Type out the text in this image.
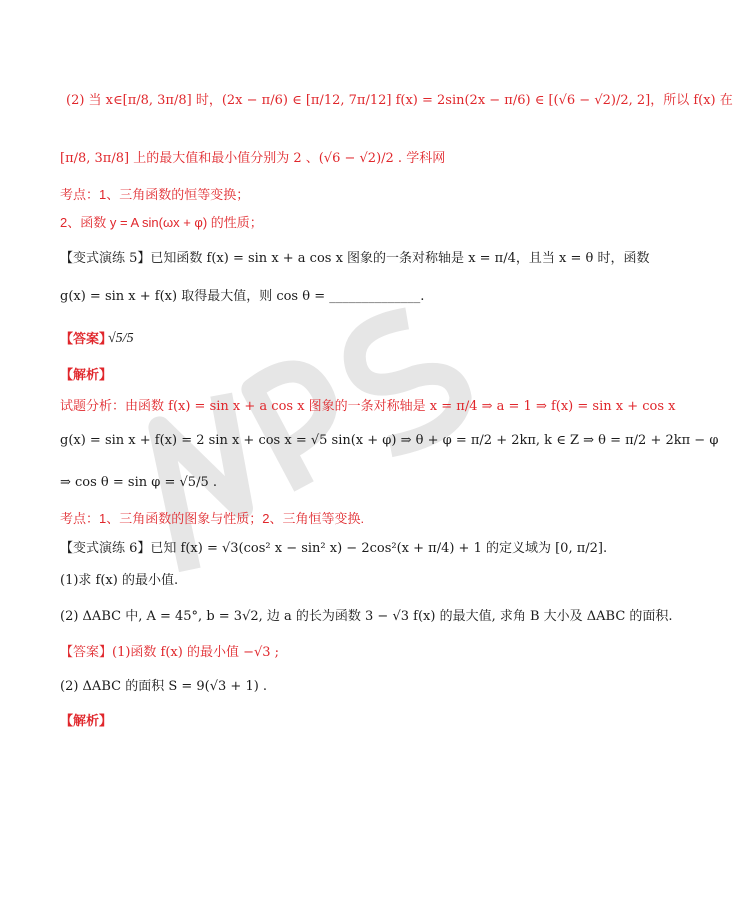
(2) 当 x∈[π/8, 3π/8] 时，(2x − π/6) ∈ [π/12, 7π/12] f(x) = 2sin(2x − π/6) ∈ [(√6 − √2)/2, 2]，所以 f(x) 在
[π/8, 3π/8] 上的最大值和最小值分别为 2 、(√6 − √2)/2 . 学科网
考点：1、三角函数的恒等变换；
2、函数 y = A sin(ωx + φ) 的性质；
【变式演练 5】已知函数 f(x) = sin x + a cos x 图象的一条对称轴是 x = π/4，且当 x = θ 时，函数
g(x) = sin x + f(x) 取得最大值，则 cos θ = ______________.
【答案】
√5/5
【解析】
试题分析：由函数 f(x) = sin x + a cos x 图象的一条对称轴是 x = π/4 ⇒ a = 1 ⇒ f(x) = sin x + cos x
g(x) = sin x + f(x) = 2 sin x + cos x = √5 sin(x + φ) ⇒ θ + φ = π/2 + 2kπ, k ∈ Z ⇒ θ = π/2 + 2kπ − φ
⇒ cos θ = sin φ = √5/5 .
考点：1、三角函数的图象与性质；2、三角恒等变换.
【变式演练 6】已知 f(x) = √3(cos² x − sin² x) − 2cos²(x + π/4) + 1 的定义域为 [0, π/2].
(1)求 f(x) 的最小值.
(2) ΔABC 中, A = 45°, b = 3√2, 边 a 的长为函数 3 − √3 f(x) 的最大值, 求角 B 大小及 ΔABC 的面积.
【答案】(1)函数 f(x) 的最小值 −√3 ;
(2) ΔABC 的面积 S = 9(√3 + 1) .
【解析】
